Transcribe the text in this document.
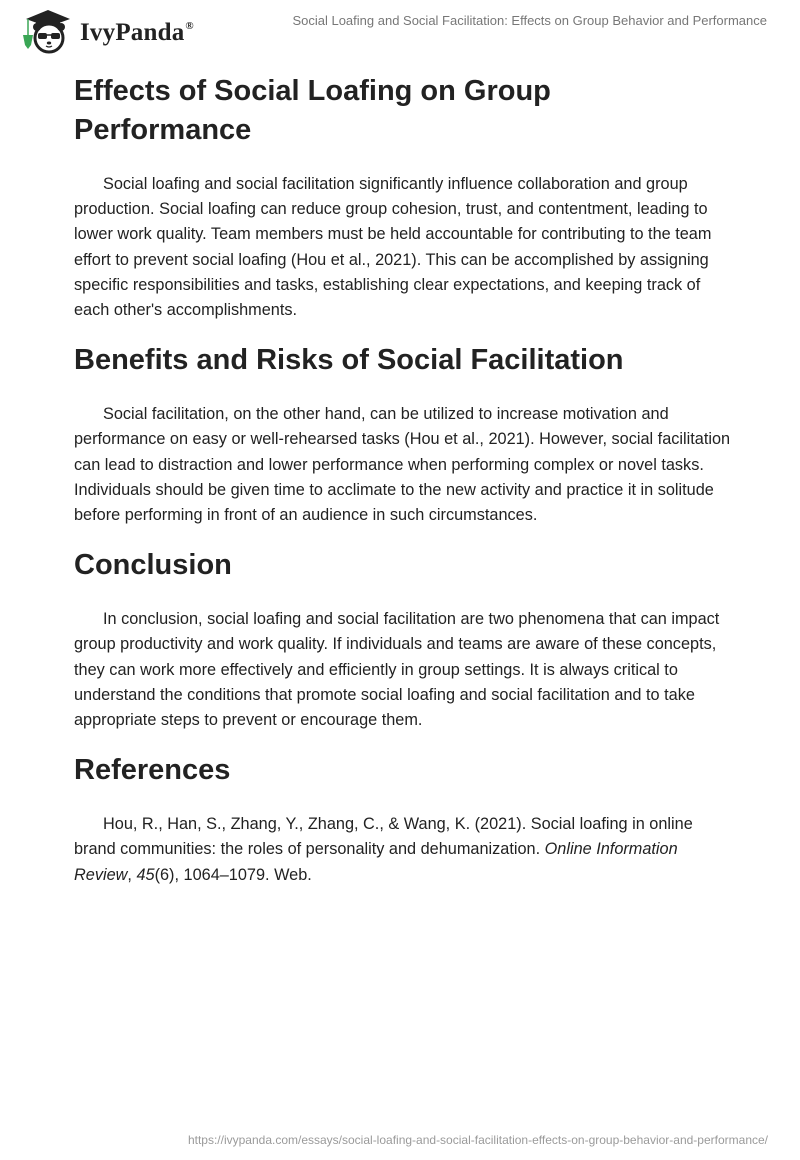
IvyPanda®	Social Loafing and Social Facilitation: Effects on Group Behavior and Performance
Effects of Social Loafing on Group Performance

Social loafing and social facilitation significantly influence collaboration and group production. Social loafing can reduce group cohesion, trust, and contentment, leading to lower work quality. Team members must be held accountable for contributing to the team effort to prevent social loafing (Hou et al., 2021). This can be accomplished by assigning specific responsibilities and tasks, establishing clear expectations, and keeping track of each other's accomplishments.

Benefits and Risks of Social Facilitation

Social facilitation, on the other hand, can be utilized to increase motivation and performance on easy or well-rehearsed tasks (Hou et al., 2021). However, social facilitation can lead to distraction and lower performance when performing complex or novel tasks. Individuals should be given time to acclimate to the new activity and practice it in solitude before performing in front of an audience in such circumstances.

Conclusion

In conclusion, social loafing and social facilitation are two phenomena that can impact group productivity and work quality. If individuals and teams are aware of these concepts, they can work more effectively and efficiently in group settings. It is always critical to understand the conditions that promote social loafing and social facilitation and to take appropriate steps to prevent or encourage them.

References

Hou, R., Han, S., Zhang, Y., Zhang, C., & Wang, K. (2021). Social loafing in online brand communities: the roles of personality and dehumanization. Online Information Review, 45(6), 1064–1079. Web.

https://ivypanda.com/essays/social-loafing-and-social-facilitation-effects-on-group-behavior-and-performance/
